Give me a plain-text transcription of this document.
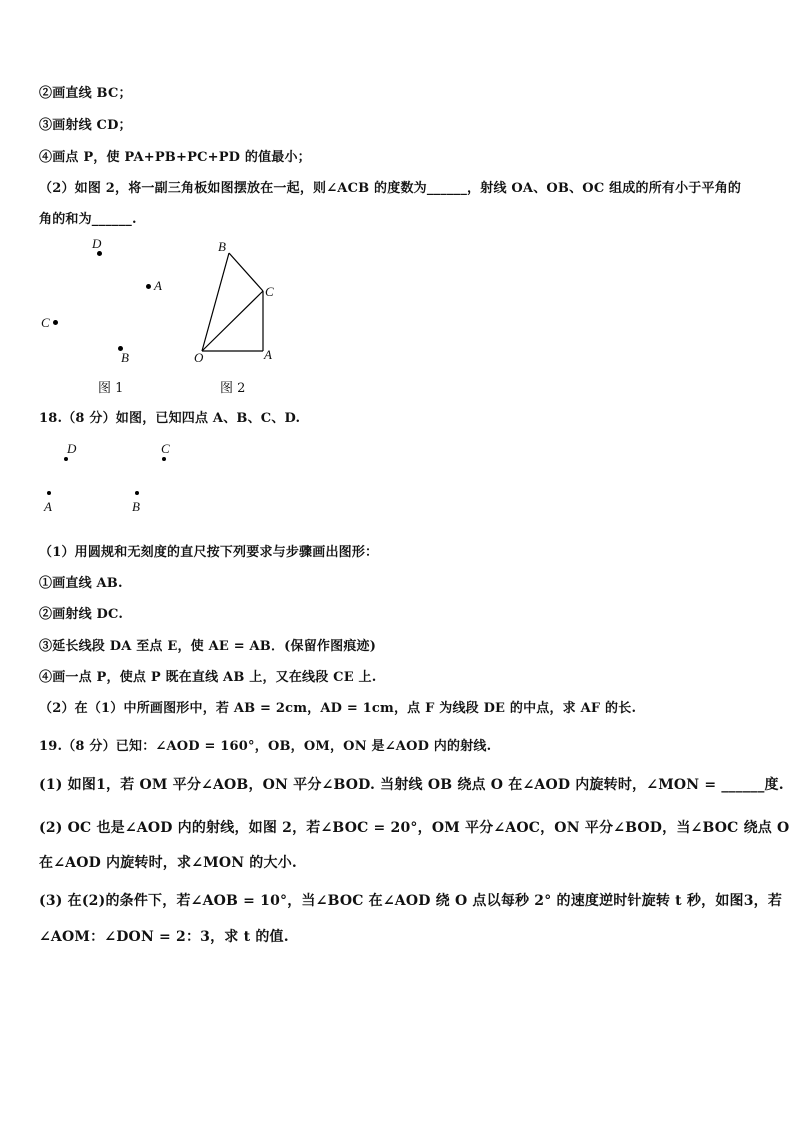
②画直线 BC；
③画射线 CD；
④画点 P，使 PA+PB+PC+PD 的值最小；
（2）如图 2，将一副三角板如图摆放在一起，则∠ACB 的度数为______，射线 OA、OB、OC 组成的所有小于平角的
角的和为______.
D
A
C
B
图 1
B
C
O	A
图 2
18.（8 分）如图，已知四点 A、B、C、D.
D	C
A	B
（1）用圆规和无刻度的直尺按下列要求与步骤画出图形：
①画直线 AB.
②画射线 DC.
③延长线段 DA 至点 E，使 AE = AB．(保留作图痕迹)
④画一点 P，使点 P 既在直线 AB 上，又在线段 CE 上.
（2）在（1）中所画图形中，若 AB = 2cm，AD = 1cm，点 F 为线段 DE 的中点，求 AF 的长.
19.（8 分）已知：∠AOD = 160°，OB，OM，ON 是∠AOD 内的射线.
(1) 如图1，若 OM 平分∠AOB，ON 平分∠BOD. 当射线 OB 绕点 O 在∠AOD 内旋转时，∠MON = ______度.
(2) OC 也是∠AOD 内的射线，如图 2，若∠BOC = 20°，OM 平分∠AOC，ON 平分∠BOD，当∠BOC 绕点 O
在∠AOD 内旋转时，求∠MON 的大小.
(3) 在(2)的条件下，若∠AOB = 10°，当∠BOC 在∠AOD 绕 O 点以每秒 2° 的速度逆时针旋转 t 秒，如图3，若
∠AOM：∠DON = 2：3，求 t 的值.
